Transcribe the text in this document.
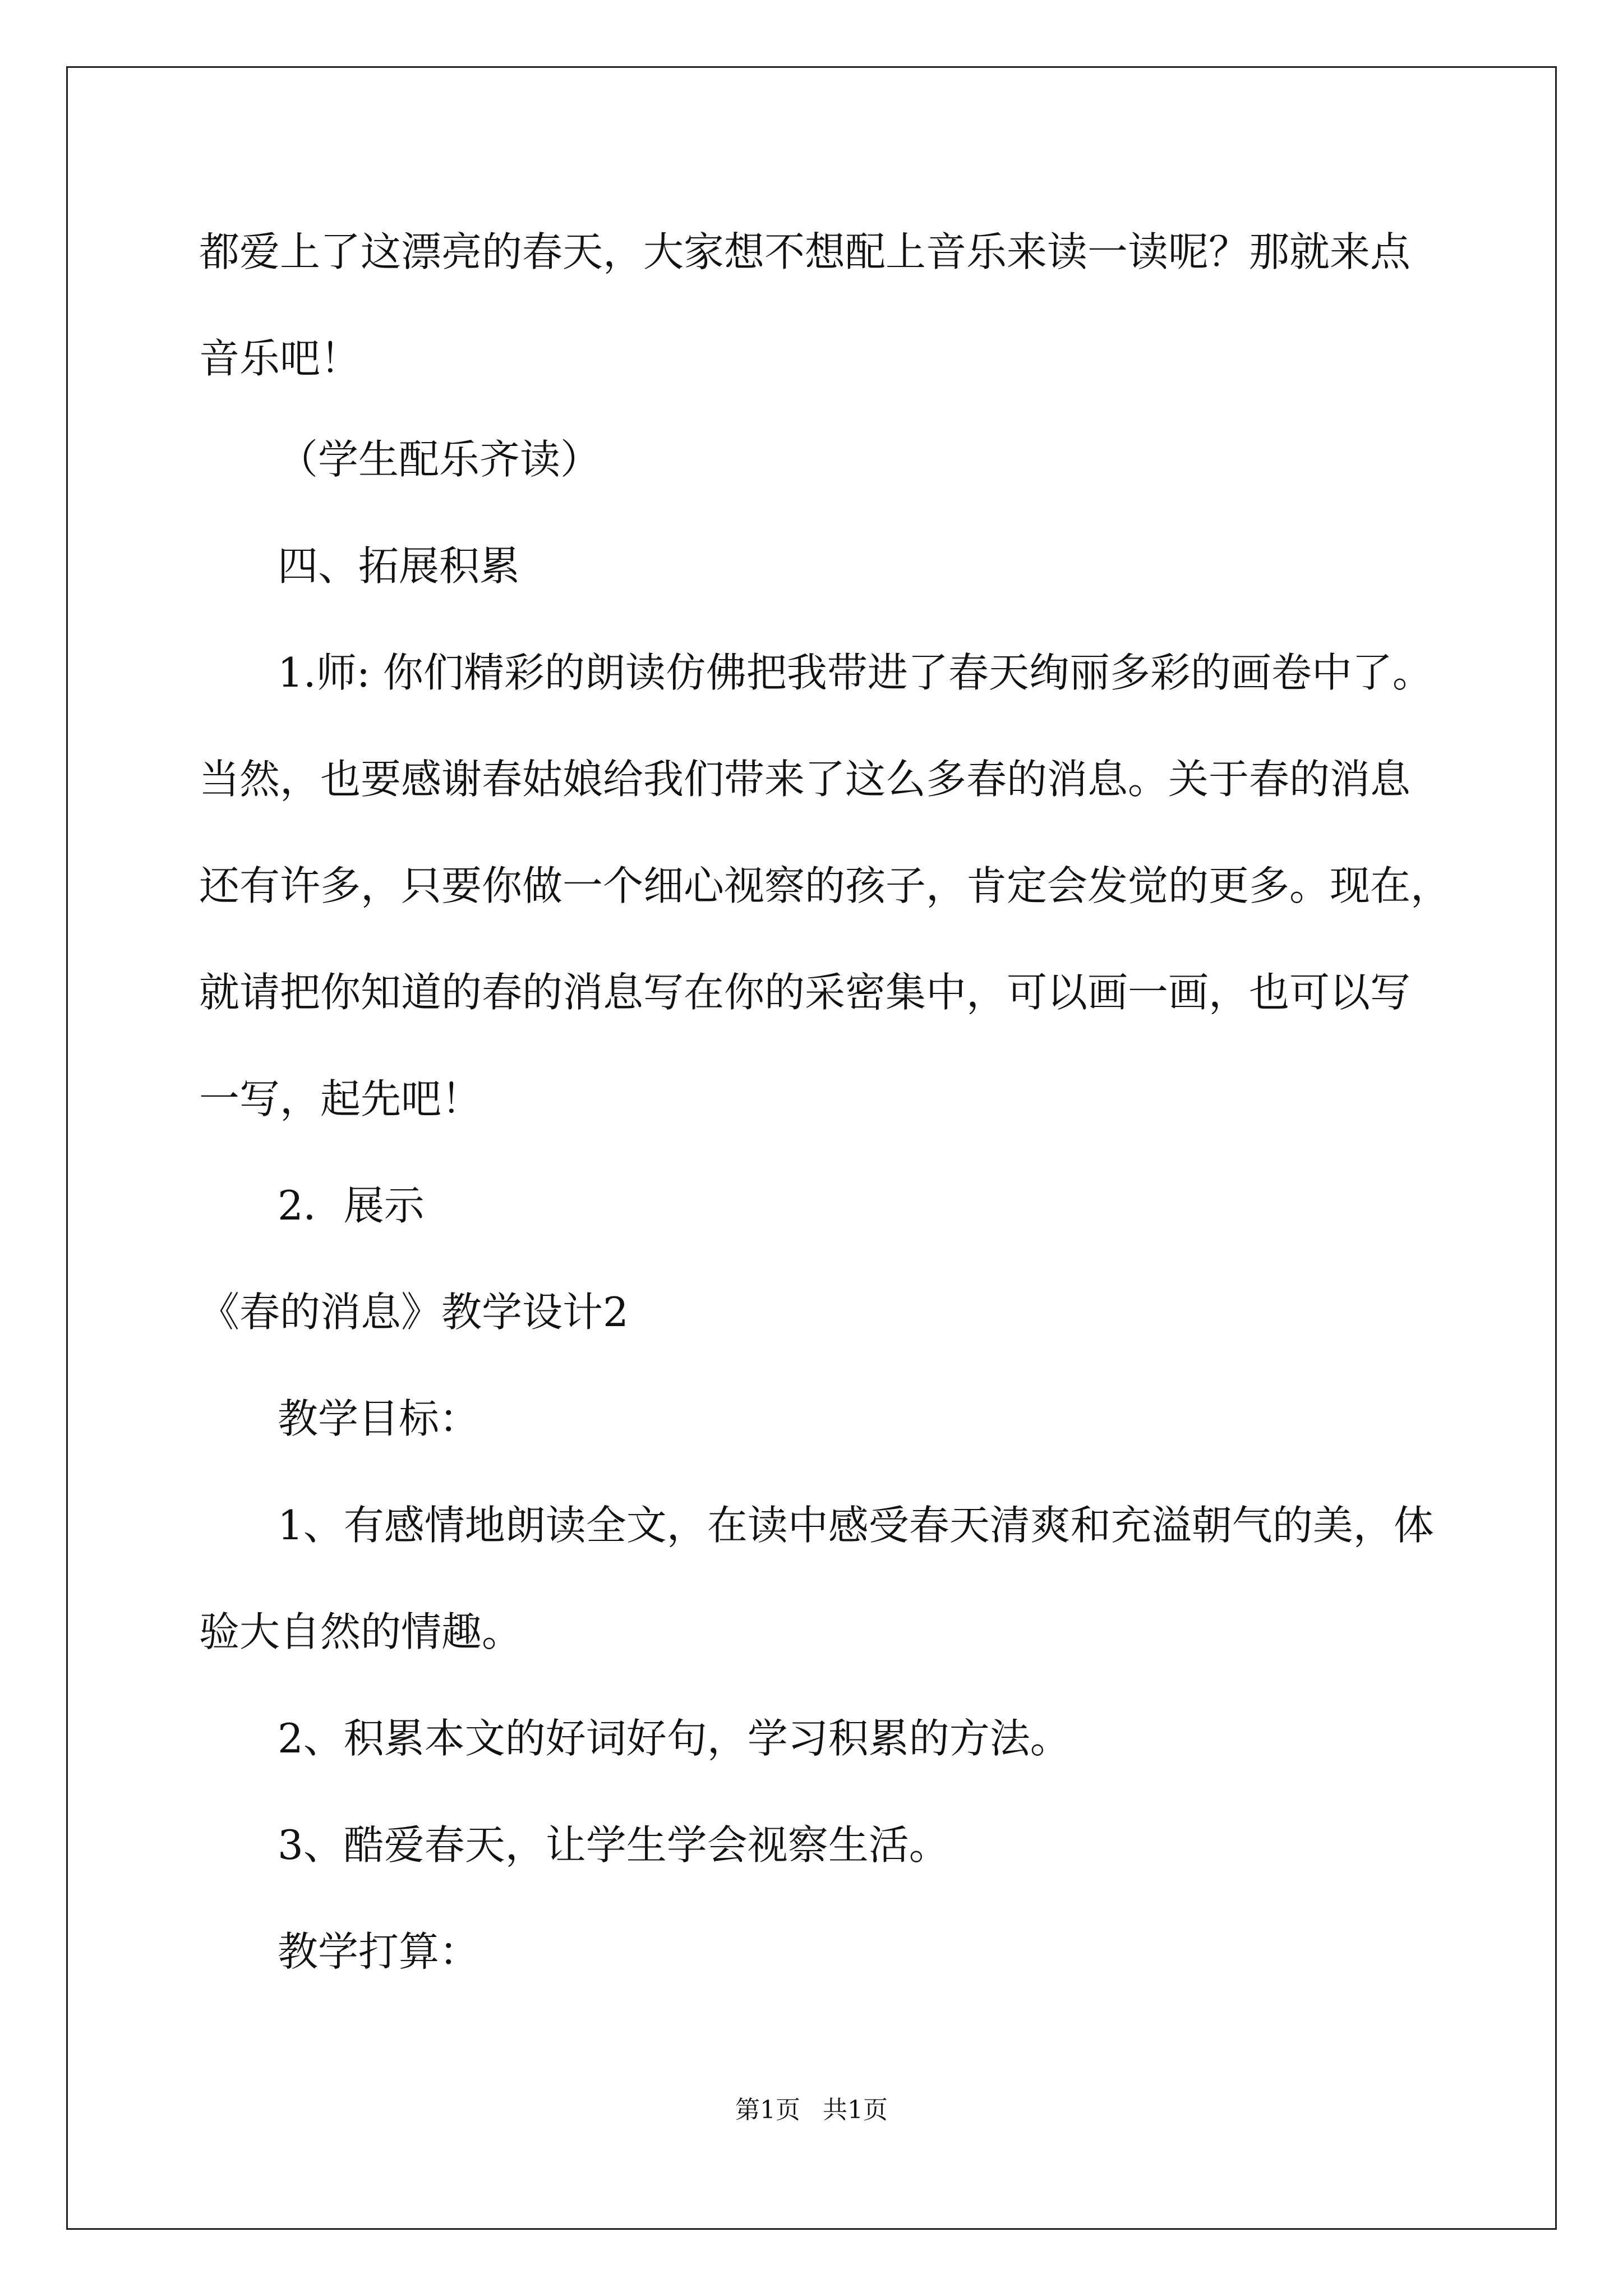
都爱上了这漂亮的春天，大家想不想配上音乐来读一读呢？那就来点
音乐吧！
（学生配乐齐读）
四、拓展积累
1.师: 你们精彩的朗读仿佛把我带进了春天绚丽多彩的画卷中了。
当然，也要感谢春姑娘给我们带来了这么多春的消息。关于春的消息
还有许多，只要你做一个细心视察的孩子，肯定会发觉的更多。现在，
就请把你知道的春的消息写在你的采密集中，可以画一画，也可以写
一写，起先吧！
2．展示
《春的消息》教学设计2
教学目标：
1、有感情地朗读全文，在读中感受春天清爽和充溢朝气的美，体
验大自然的情趣。
2、积累本文的好词好句，学习积累的方法。
3、酷爱春天，让学生学会视察生活。
教学打算：
第1页 共1页
